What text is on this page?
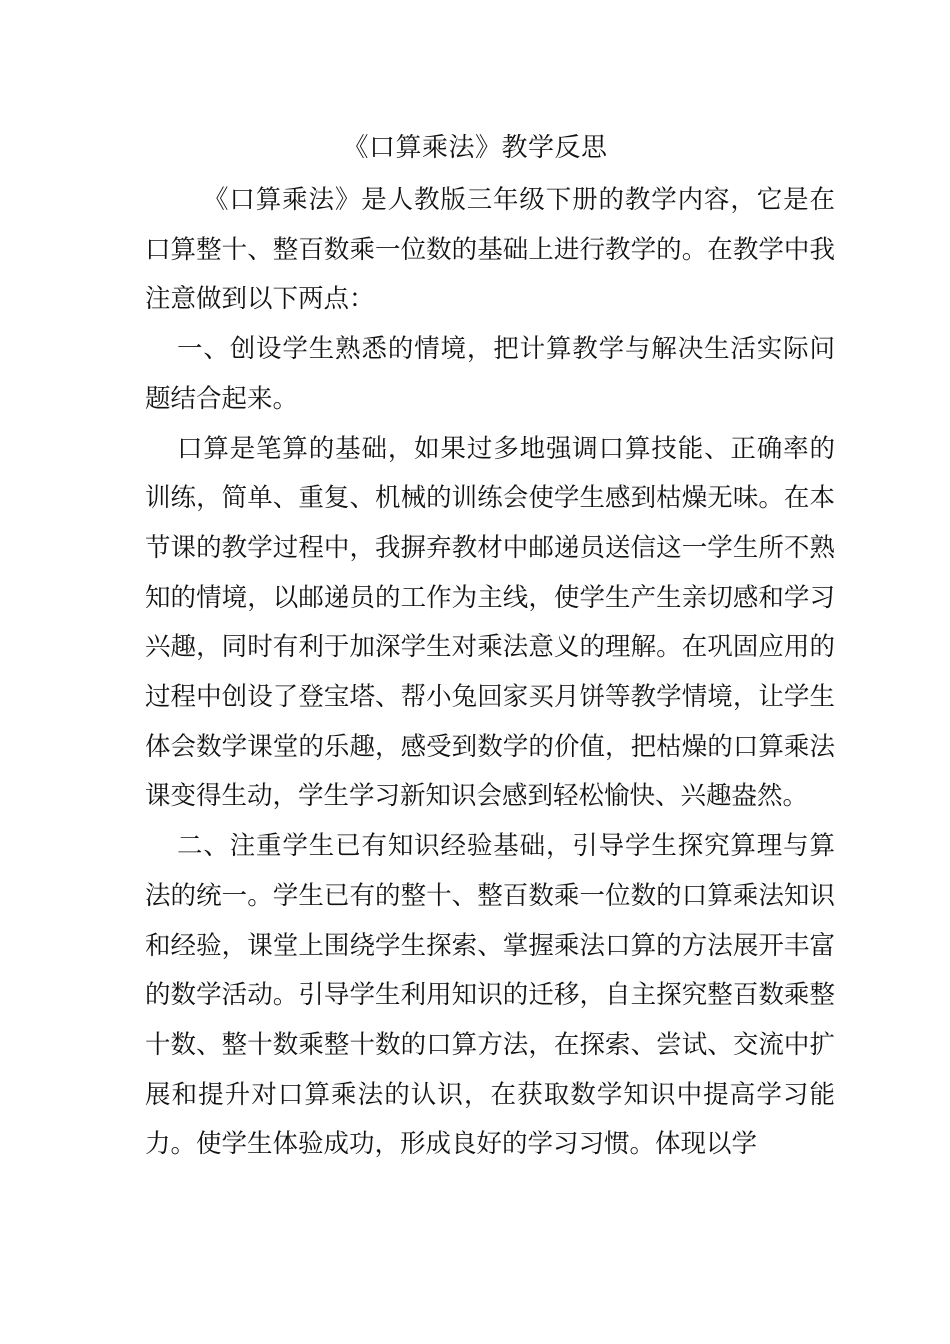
《口算乘法》教学反思

《口算乘法》是人教版三年级下册的教学内容，它是在口算整十、整百数乘一位数的基础上进行教学的。在教学中我注意做到以下两点：

一、创设学生熟悉的情境，把计算教学与解决生活实际问题结合起来。

口算是笔算的基础，如果过多地强调口算技能、正确率的训练，简单、重复、机械的训练会使学生感到枯燥无味。在本节课的教学过程中，我摒弃教材中邮递员送信这一学生所不熟知的情境，以邮递员的工作为主线，使学生产生亲切感和学习兴趣，同时有利于加深学生对乘法意义的理解。在巩固应用的过程中创设了登宝塔、帮小兔回家买月饼等教学情境，让学生体会数学课堂的乐趣，感受到数学的价值，把枯燥的口算乘法课变得生动，学生学习新知识会感到轻松愉快、兴趣盎然。

二、注重学生已有知识经验基础，引导学生探究算理与算法的统一。学生已有的整十、整百数乘一位数的口算乘法知识和经验，课堂上围绕学生探索、掌握乘法口算的方法展开丰富的数学活动。引导学生利用知识的迁移，自主探究整百数乘整十数、整十数乘整十数的口算方法，在探索、尝试、交流中扩展和提升对口算乘法的认识，在获取数学知识中提高学习能力。使学生体验成功，形成良好的学习习惯。体现以学
